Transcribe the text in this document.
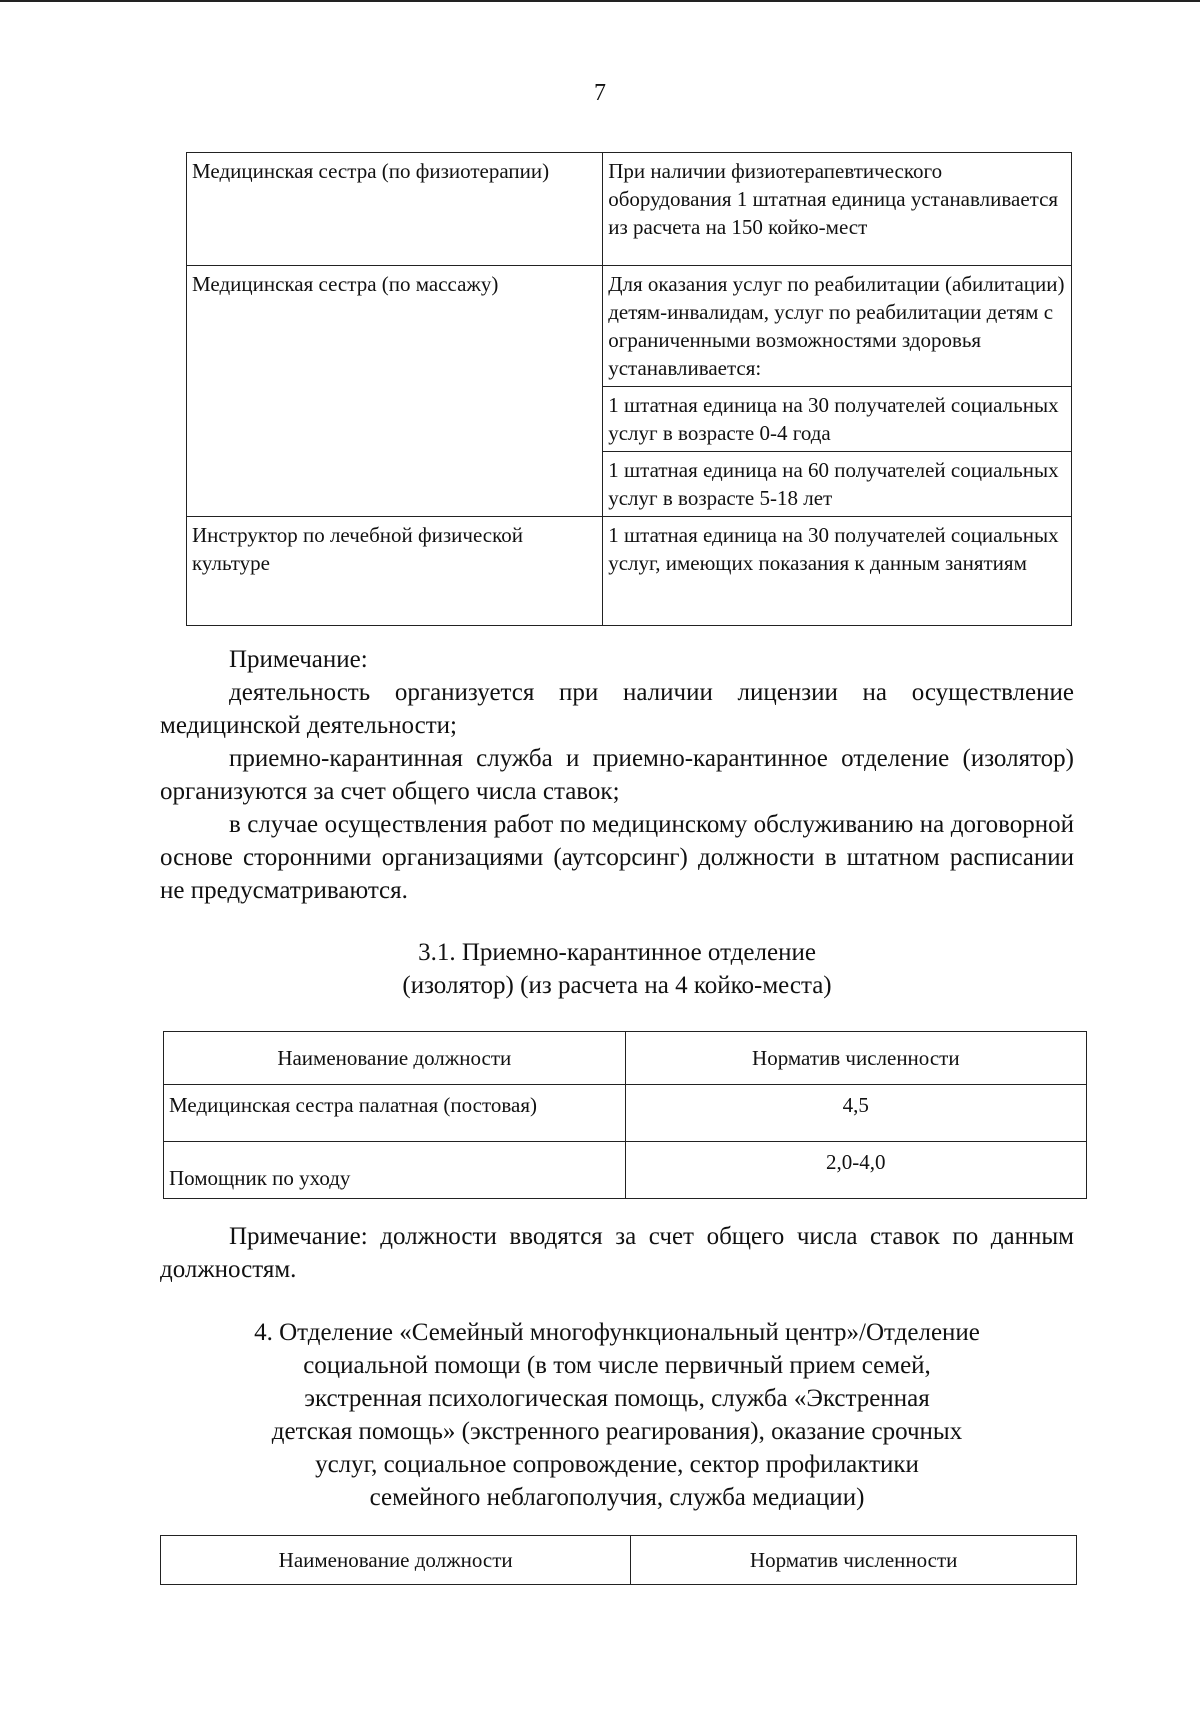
7
Медицинская сестра (по физиотерапии)	При наличии физиотерапевтического оборудования 1 штатная единица устанавливается из расчета на 150 койко-мест
Медицинская сестра (по массажу)	Для оказания услуг по реабилитации (абилитации) детям-инвалидам, услуг по реабилитации детям с ограниченными возможностями здоровья устанавливается:
	1 штатная единица на 30 получателей социальных услуг в возрасте 0-4 года
	1 штатная единица на 60 получателей социальных услуг в возрасте 5-18 лет
Инструктор по лечебной физической культуре	1 штатная единица на 30 получателей социальных услуг, имеющих показания к данным занятиям
Примечание:

деятельность организуется при наличии лицензии на осуществление медицинской деятельности;

приемно-карантинная служба и приемно-карантинное отделение (изолятор) организуются за счет общего числа ставок;

в случае осуществления работ по медицинскому обслуживанию на договорной основе сторонними организациями (аутсорсинг) должности в штатном расписании не предусматриваются.

3.1. Приемно-карантинное отделение
(изолятор) (из расчета на 4 койко-места)
Наименование должности	Норматив численности
Медицинская сестра палатная (постовая)	4,5
Помощник по уходу	2,0-4,0

Примечание: должности вводятся за счет общего числа ставок по данным должностям.

4. Отделение «Семейный многофункциональный центр»/Отделение
социальной помощи (в том числе первичный прием семей,
экстренная психологическая помощь, служба «Экстренная
детская помощь» (экстренного реагирования), оказание срочных
услуг, социальное сопровождение, сектор профилактики
семейного неблагополучия, служба медиации)
Наименование должности	Норматив численности
